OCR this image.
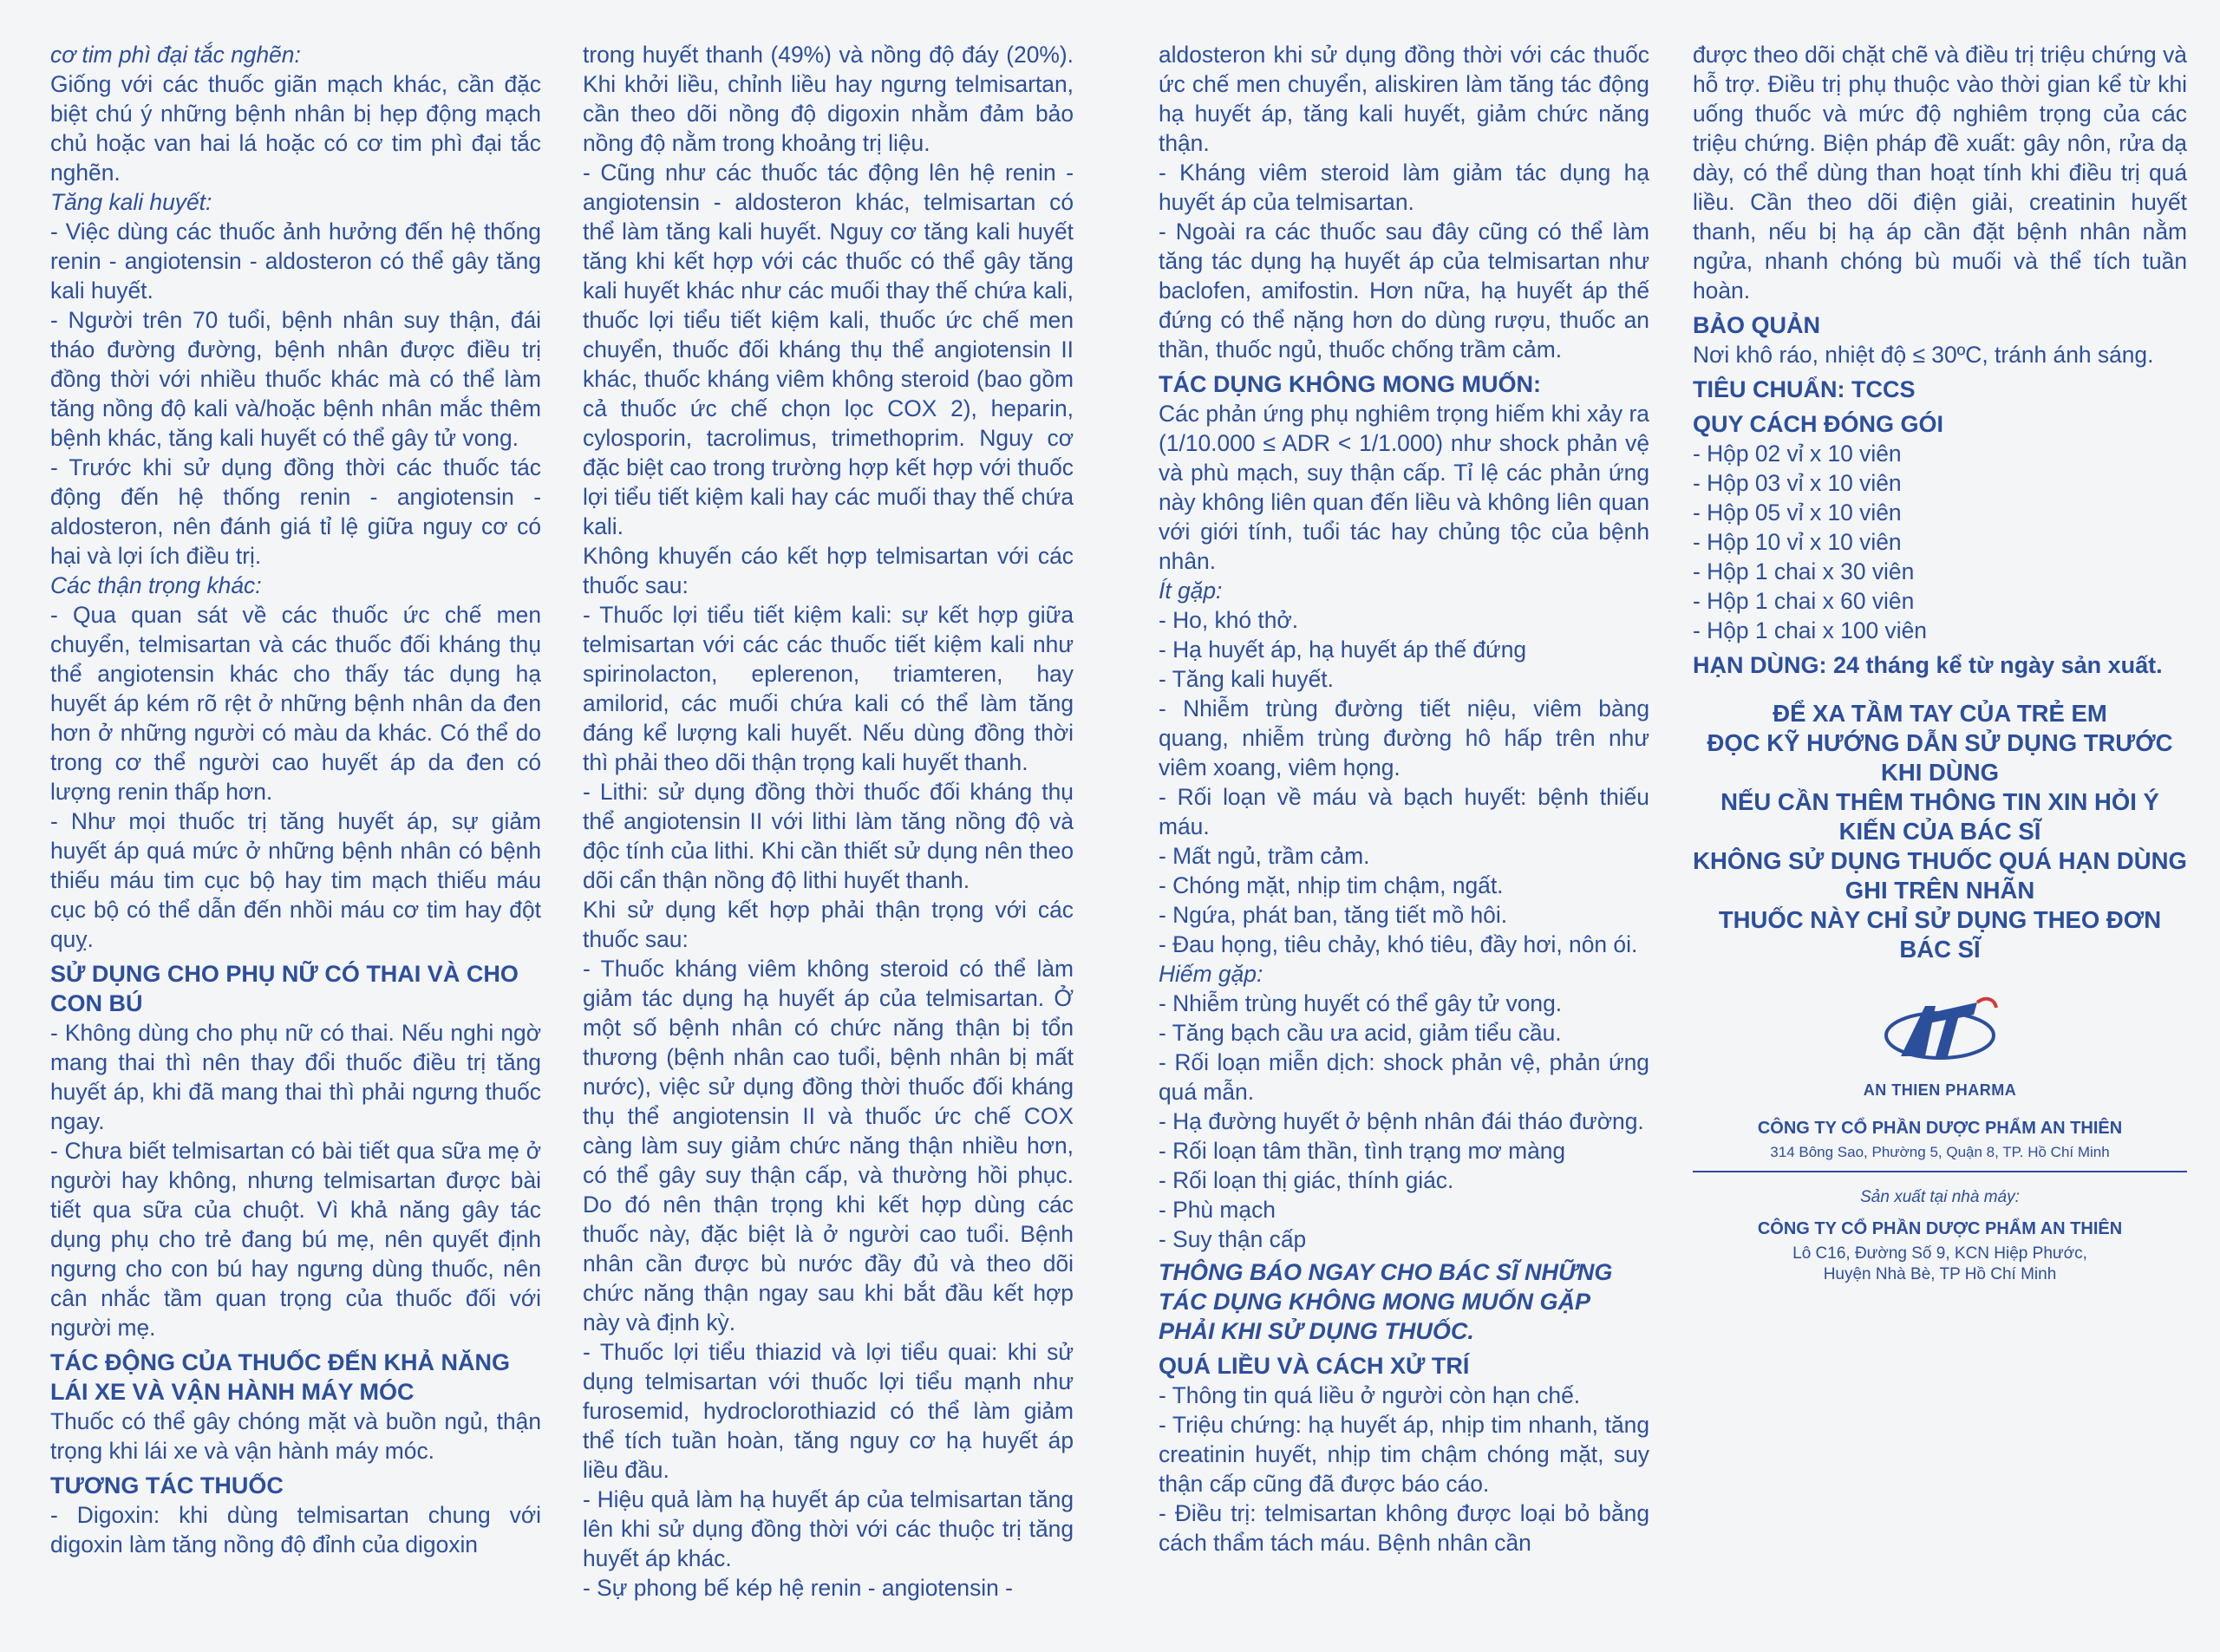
cơ tim phì đại tắc nghẽn:

Giống với các thuốc giãn mạch khác, cần đặc biệt chú ý những bệnh nhân bị hẹp động mạch chủ hoặc van hai lá hoặc có cơ tim phì đại tắc nghẽn.

Tăng kali huyết:

- Việc dùng các thuốc ảnh hưởng đến hệ thống renin - angiotensin - aldosteron có thể gây tăng kali huyết.

- Người trên 70 tuổi, bệnh nhân suy thận, đái tháo đường đường, bệnh nhân được điều trị đồng thời với nhiều thuốc khác mà có thể làm tăng nồng độ kali và/hoặc bệnh nhân mắc thêm bệnh khác, tăng kali huyết có thể gây tử vong.

- Trước khi sử dụng đồng thời các thuốc tác động đến hệ thống renin - angiotensin - aldosteron, nên đánh giá tỉ lệ giữa nguy cơ có hại và lợi ích điều trị.

Các thận trọng khác:

- Qua quan sát về các thuốc ức chế men chuyển, telmisartan và các thuốc đối kháng thụ thể angiotensin khác cho thấy tác dụng hạ huyết áp kém rõ rệt ở những bệnh nhân da đen hơn ở những người có màu da khác. Có thể do trong cơ thể người cao huyết áp da đen có lượng renin thấp hơn.

- Như mọi thuốc trị tăng huyết áp, sự giảm huyết áp quá mức ở những bệnh nhân có bệnh thiếu máu tim cục bộ hay tim mạch thiếu máu cục bộ có thể dẫn đến nhồi máu cơ tim hay đột quỵ.

SỬ DỤNG CHO PHỤ NỮ CÓ THAI VÀ CHO CON BÚ

- Không dùng cho phụ nữ có thai. Nếu nghi ngờ mang thai thì nên thay đổi thuốc điều trị tăng huyết áp, khi đã mang thai thì phải ngưng thuốc ngay.

- Chưa biết telmisartan có bài tiết qua sữa mẹ ở người hay không, nhưng telmisartan được bài tiết qua sữa của chuột. Vì khả năng gây tác dụng phụ cho trẻ đang bú mẹ, nên quyết định ngưng cho con bú hay ngưng dùng thuốc, nên cân nhắc tầm quan trọng của thuốc đối với người mẹ.

TÁC ĐỘNG CỦA THUỐC ĐẾN KHẢ NĂNG LÁI XE VÀ VẬN HÀNH MÁY MÓC

Thuốc có thể gây chóng mặt và buồn ngủ, thận trọng khi lái xe và vận hành máy móc.

TƯƠNG TÁC THUỐC

- Digoxin: khi dùng telmisartan chung với digoxin làm tăng nồng độ đỉnh của digoxin

trong huyết thanh (49%) và nồng độ đáy (20%). Khi khởi liều, chỉnh liều hay ngưng telmisartan, cần theo dõi nồng độ digoxin nhằm đảm bảo nồng độ nằm trong khoảng trị liệu.

- Cũng như các thuốc tác động lên hệ renin - angiotensin - aldosteron khác, telmisartan có thể làm tăng kali huyết. Nguy cơ tăng kali huyết tăng khi kết hợp với các thuốc có thể gây tăng kali huyết khác như các muối thay thế chứa kali, thuốc lợi tiểu tiết kiệm kali, thuốc ức chế men chuyển, thuốc đối kháng thụ thể angiotensin II khác, thuốc kháng viêm không steroid (bao gồm cả thuốc ức chế chọn lọc COX 2), heparin, cylosporin, tacrolimus, trimethoprim. Nguy cơ đặc biệt cao trong trường hợp kết hợp với thuốc lợi tiểu tiết kiệm kali hay các muối thay thế chứa kali.

Không khuyến cáo kết hợp telmisartan với các thuốc sau:

- Thuốc lợi tiểu tiết kiệm kali: sự kết hợp giữa telmisartan với các các thuốc tiết kiệm kali như spirinolacton, eplerenon, triamteren, hay amilorid, các muối chứa kali có thể làm tăng đáng kể lượng kali huyết. Nếu dùng đồng thời thì phải theo dõi thận trọng kali huyết thanh.

- Lithi: sử dụng đồng thời thuốc đối kháng thụ thể angiotensin II với lithi làm tăng nồng độ và độc tính của lithi. Khi cần thiết sử dụng nên theo dõi cẩn thận nồng độ lithi huyết thanh.

Khi sử dụng kết hợp phải thận trọng với các thuốc sau:

- Thuốc kháng viêm không steroid có thể làm giảm tác dụng hạ huyết áp của telmisartan. Ở một số bệnh nhân có chức năng thận bị tổn thương (bệnh nhân cao tuổi, bệnh nhân bị mất nước), việc sử dụng đồng thời thuốc đối kháng thụ thể angiotensin II và thuốc ức chế COX càng làm suy giảm chức năng thận nhiều hơn, có thể gây suy thận cấp, và thường hồi phục. Do đó nên thận trọng khi kết hợp dùng các thuốc này, đặc biệt là ở người cao tuổi. Bệnh nhân cần được bù nước đầy đủ và theo dõi chức năng thận ngay sau khi bắt đầu kết hợp này và định kỳ.

- Thuốc lợi tiểu thiazid và lợi tiểu quai: khi sử dụng telmisartan với thuốc lợi tiểu mạnh như furosemid, hydroclorothiazid có thể làm giảm thể tích tuần hoàn, tăng nguy cơ hạ huyết áp liều đầu.

- Hiệu quả làm hạ huyết áp của telmisartan tăng lên khi sử dụng đồng thời với các thuộc trị tăng huyết áp khác.

- Sự phong bế kép hệ renin - angiotensin -

aldosteron khi sử dụng đồng thời với các thuốc ức chế men chuyển, aliskiren làm tăng tác động hạ huyết áp, tăng kali huyết, giảm chức năng thận.

- Kháng viêm steroid làm giảm tác dụng hạ huyết áp của telmisartan.

- Ngoài ra các thuốc sau đây cũng có thể làm tăng tác dụng hạ huyết áp của telmisartan như baclofen, amifostin. Hơn nữa, hạ huyết áp thế đứng có thể nặng hơn do dùng rượu, thuốc an thần, thuốc ngủ, thuốc chống trầm cảm.

TÁC DỤNG KHÔNG MONG MUỐN:

Các phản ứng phụ nghiêm trọng hiếm khi xảy ra (1/10.000 ≤ ADR < 1/1.000) như shock phản vệ và phù mạch, suy thận cấp. Tỉ lệ các phản ứng này không liên quan đến liều và không liên quan với giới tính, tuổi tác hay chủng tộc của bệnh nhân.

Ít gặp:

- Ho, khó thở.

- Hạ huyết áp, hạ huyết áp thế đứng

- Tăng kali huyết.

- Nhiễm trùng đường tiết niệu, viêm bàng quang, nhiễm trùng đường hô hấp trên như viêm xoang, viêm họng.

- Rối loạn về máu và bạch huyết: bệnh thiếu máu.

- Mất ngủ, trầm cảm.

- Chóng mặt, nhịp tim chậm, ngất.

- Ngứa, phát ban, tăng tiết mồ hôi.

- Đau họng, tiêu chảy, khó tiêu, đầy hơi, nôn ói.

Hiếm gặp:

- Nhiễm trùng huyết có thể gây tử vong.

- Tăng bạch cầu ưa acid, giảm tiểu cầu.

- Rối loạn miễn dịch: shock phản vệ, phản ứng quá mẫn.

- Hạ đường huyết ở bệnh nhân đái tháo đường.

- Rối loạn tâm thần, tình trạng mơ màng

- Rối loạn thị giác, thính giác.

- Phù mạch

- Suy thận cấp

THÔNG BÁO NGAY CHO BÁC SĨ NHỮNG TÁC DỤNG KHÔNG MONG MUỐN GẶP PHẢI KHI SỬ DỤNG THUỐC.

QUÁ LIỀU VÀ CÁCH XỬ TRÍ

- Thông tin quá liều ở người còn hạn chế.

- Triệu chứng: hạ huyết áp, nhịp tim nhanh, tăng creatinin huyết, nhịp tim chậm chóng mặt, suy thận cấp cũng đã được báo cáo.

- Điều trị: telmisartan không được loại bỏ bằng cách thẩm tách máu. Bệnh nhân cần

được theo dõi chặt chẽ và điều trị triệu chứng và hỗ trợ. Điều trị phụ thuộc vào thời gian kể từ khi uống thuốc và mức độ nghiêm trọng của các triệu chứng. Biện pháp đề xuất: gây nôn, rửa dạ dày, có thể dùng than hoạt tính khi điều trị quá liều. Cần theo dõi điện giải, creatinin huyết thanh, nếu bị hạ áp cần đặt bệnh nhân nằm ngửa, nhanh chóng bù muối và thể tích tuần hoàn.

BẢO QUẢN

Nơi khô ráo, nhiệt độ ≤ 30ºC, tránh ánh sáng.

TIÊU CHUẨN: TCCS

QUY CÁCH ĐÓNG GÓI

- Hộp 02 vỉ x 10 viên

- Hộp 03 vỉ x 10 viên

- Hộp 05 vỉ x 10 viên

- Hộp 10 vỉ x 10 viên

- Hộp 1 chai x 30 viên

- Hộp 1 chai x 60 viên

- Hộp 1 chai x 100 viên

HẠN DÙNG: 24 tháng kể từ ngày sản xuất.

ĐỂ XA TẦM TAY CỦA TRẺ EM
ĐỌC KỸ HƯỚNG DẪN SỬ DỤNG TRƯỚC KHI DÙNG
NẾU CẦN THÊM THÔNG TIN XIN HỎI Ý KIẾN CỦA BÁC SĨ
KHÔNG SỬ DỤNG THUỐC QUÁ HẠN DÙNG GHI TRÊN NHÃN
THUỐC NÀY CHỈ SỬ DỤNG THEO ĐƠN BÁC SĨ
AN THIEN PHARMA
CÔNG TY CỔ PHẦN DƯỢC PHẨM AN THIÊN
314 Bông Sao, Phường 5, Quận 8, TP. Hồ Chí Minh
Sản xuất tại nhà máy:
CÔNG TY CỔ PHẦN DƯỢC PHẨM AN THIÊN
Lô C16, Đường Số 9, KCN Hiệp Phước,
Huyện Nhà Bè, TP Hồ Chí Minh
